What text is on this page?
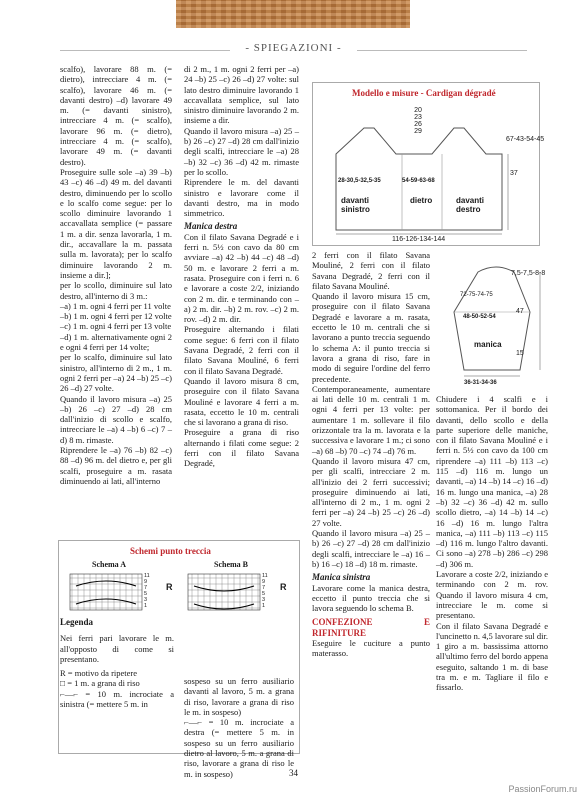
- SPIEGAZIONI -

scalfo), lavorare 88 m. (= dietro), intrecciare 4 m. (= scalfo), lavorare 46 m. (= davanti destro) –d) lavorare 49 m. (= davanti sinistro), intrecciare 4 m. (= scalfo), lavorare 96 m. (= dietro), intrecciare 4 m. (= scalfo), lavorare 49 m. (= davanti destro).

Proseguire sulle sole –a) 39 –b) 43 –c) 46 –d) 49 m. del davanti destro, diminuendo per lo scollo e lo scalfo come segue: per lo scollo diminuire lavorando 1 accavallata semplice (= passare 1 m. a dir. senza lavorarla, 1 m. dir., accavallare la m. passata sulla m. lavorata); per lo scalfo diminuire lavorando 2 m. insieme a dir.];

per lo scollo, diminuire sul lato destro, all'interno di 3 m.:

–a) 1 m. ogni 4 ferri per 11 volte

–b) 1 m. ogni 4 ferri per 12 volte

–c) 1 m. ogni 4 ferri per 13 volte

–d) 1 m. alternativamente ogni 2 e ogni 4 ferri per 14 volte;

per lo scalfo, diminuire sul lato sinistro, all'interno di 2 m., 1 m. ogni 2 ferri per –a) 24 –b) 25 –c) 26 –d) 27 volte.

Quando il lavoro misura –a) 25 –b) 26 –c) 27 –d) 28 cm dall'inizio di scollo e scalfo, intrecciare le –a) 4 –b) 6 –c) 7 –d) 8 m. rimaste.

Riprendere le –a) 76 –b) 82 –c) 88 –d) 96 m. del dietro e, per gli scalfi, proseguire a m. rasata diminuendo ai lati, all'interno

di 2 m., 1 m. ogni 2 ferri per –a) 24 –b) 25 –c) 26 –d) 27 volte: sul lato destro diminuire lavorando 1 accavallata semplice, sul lato sinistro diminuire lavorando 2 m. insieme a dir.

Quando il lavoro misura –a) 25 –b) 26 –c) 27 –d) 28 cm dall'inizio degli scalfi, intrecciare le –a) 28 –b) 32 –c) 36 –d) 42 m. rimaste per lo scollo.

Riprendere le m. del davanti sinistro e lavorare come il davanti destro, ma in modo simmetrico.

Manica destra

Con il filato Savana Degradé e i ferri n. 5½ con cavo da 80 cm avviare –a) 42 –b) 44 –c) 48 –d) 50 m. e lavorare 2 ferri a m. rasata. Proseguire con i ferri n. 6 e lavorare a coste 2/2, iniziando con 2 m. dir. e terminando con –a) 2 m. dir. –b) 2 m. rov. –c) 2 m. rov. –d) 2 m. dir.

Proseguire alternando i filati come segue: 6 ferri con il filato Savana Degradé, 2 ferri con il filato Savana Mouliné, 6 ferri con il filato Savana Degradé.

Quando il lavoro misura 8 cm, proseguire con il filato Savana Mouliné e lavorare 4 ferri a m. rasata, eccetto le 10 m. centrali che si lavorano a grana di riso.

Proseguire a grana di riso alternando i filati come segue: 2 ferri con il filato Savana Degradé,

Modello e misure - Cardigan dégradé
20
23
26
29
67-43-54-45
37
28-30,5-32,5-35	54-59-63-68
davanti sinistro
dietro	davanti destro
116-126-134-144
7,5-7,5-8-8
72-75-74-75
47
48-50-52-54
manica
15
36-31-34-36

2 ferri con il filato Savana Mouliné, 2 ferri con il filato Savana Degradé, 2 ferri con il filato Savana Mouliné.

Quando il lavoro misura 15 cm, proseguire con il filato Savana Degradé e lavorare a m. rasata, eccetto le 10 m. centrali che si lavorano a punto treccia seguendo lo schema A: il punto treccia si lavora a grana di riso, fare in modo di seguire l'ordine del ferro precedente.

Contemporaneamente, aumentare ai lati delle 10 m. centrali 1 m. ogni 4 ferri per 13 volte: per aumentare 1 m. sollevare il filo orizzontale tra la m. lavorata e la successiva e lavorare 1 m.; ci sono –a) 68 –b) 70 –c) 74 –d) 76 m.

Quando il lavoro misura 47 cm, per gli scalfi, intrecciare 2 m. all'inizio dei 2 ferri successivi; proseguire diminuendo ai lati, all'interno di 2 m., 1 m. ogni 2 ferri per –a) 24 –b) 25 –c) 26 –d) 27 volte.

Quando il lavoro misura –a) 25 –b) 26 –c) 27 –d) 28 cm dall'inizio degli scalfi, intrecciare le –a) 16 –b) 16 –c) 18 –d) 18 m. rimaste.

Manica sinistra

Lavorare come la manica destra, eccetto il punto treccia che si lavora seguendo lo schema B.

CONFEZIONE E RIFINITURE

Eseguire le cuciture a punto materasso.

Chiudere i 4 scalfi e i sottomanica. Per il bordo dei davanti, dello scollo e della parte superiore delle maniche, con il filato Savana Mouliné e i ferri n. 5½ con cavo da 100 cm riprendere –a) 111 –b) 113 –c) 115 –d) 116 m. lungo un davanti, –a) 14 –b) 14 –c) 16 –d) 16 m. lungo una manica, –a) 28 –b) 32 –c) 36 –d) 42 m. sullo scollo dietro, –a) 14 –b) 14 –c) 16 –d) 16 m. lungo l'altra manica, –a) 111 –b) 113 –c) 115 –d) 116 m. lungo l'altro davanti. Ci sono –a) 278 –b) 286 –c) 298 –d) 306 m.

Lavorare a coste 2/2, iniziando e terminando con 2 m. rov. Quando il lavoro misura 4 cm, intrecciare le m. come si presentano.

Con il filato Savana Degradé e l'uncinetto n. 4,5 lavorare sul dir. 1 giro a m. bassissima attorno all'ultimo ferro del bordo appena eseguito, saltando 1 m. di base tra m. e m. Tagliare il filo e fissarlo.

Schemi punto treccia
Schema A	Schema B
11
9
7
5
3
1
R
11
9
7
5
3
1
R
Legenda

Nei ferri pari lavorare le m. all'opposto di come si presentano.

R = motivo da ripetere

□ = 1 m. a grana di riso

⌐—⌐ = 10 m. incrociate a sinistra (= mettere 5 m. in

sospeso su un ferro ausiliario davanti al lavoro, 5 m. a grana di riso, lavorare a grana di riso le m. in sospeso)

⌐—⌐ = 10 m. incrociate a destra (= mettere 5 m. in sospeso su un ferro ausiliario dietro al lavoro, 5 m. a grana di riso, lavorare a grana di riso le m. in sospeso)	34
PassionForum.ru
